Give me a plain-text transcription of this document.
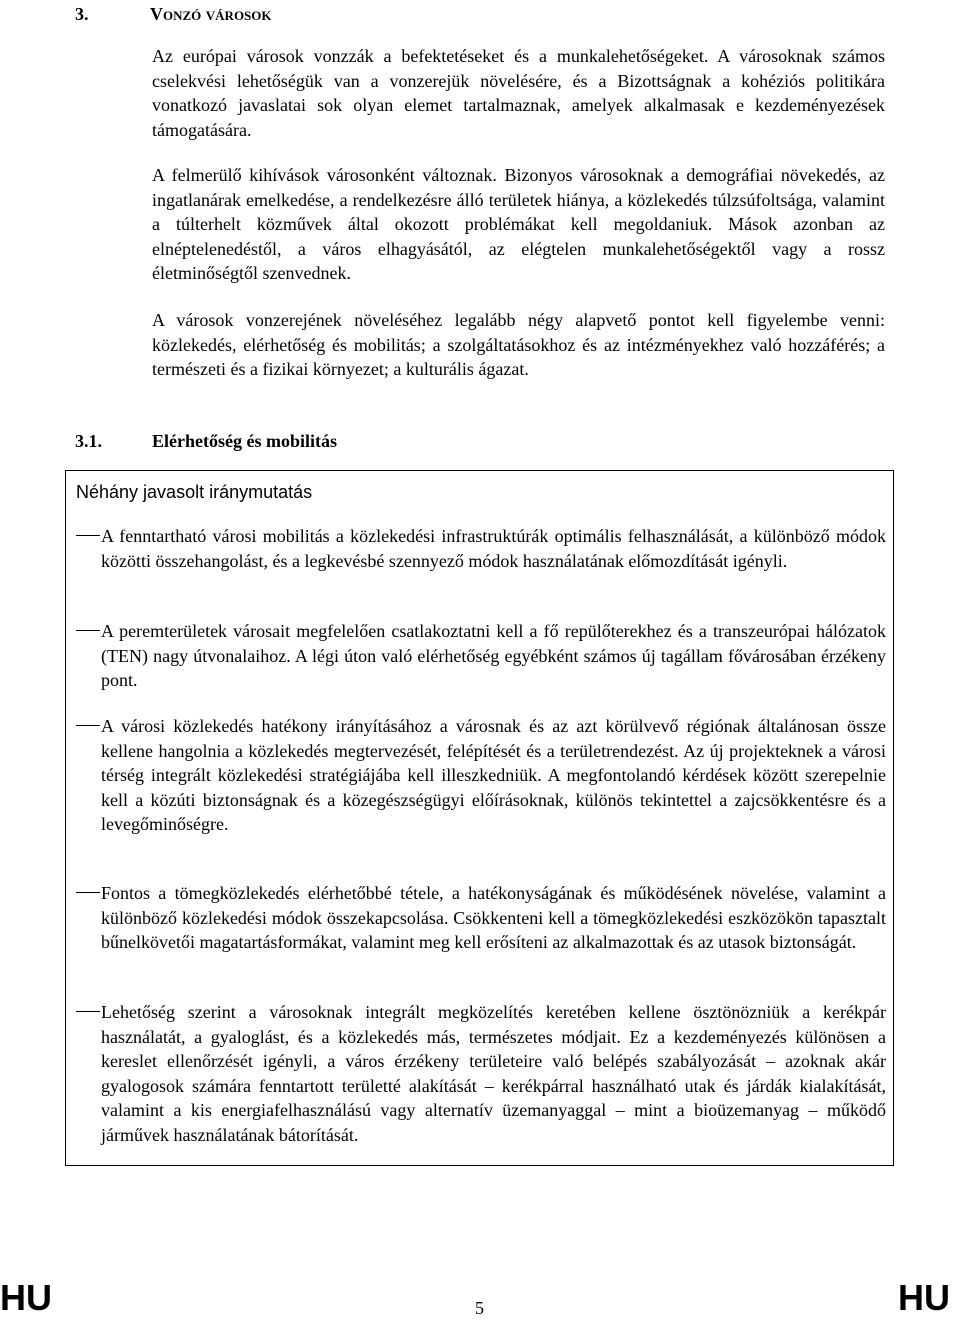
3.	Vonzó városok

Az európai városok vonzzák a befektetéseket és a munkalehetőségeket. A városoknak számos cselekvési lehetőségük van a vonzerejük növelésére, és a Bizottságnak a kohéziós politikára vonatkozó javaslatai sok olyan elemet tartalmaznak, amelyek alkalmasak e kezdeményezések támogatására.

A felmerülő kihívások városonként változnak. Bizonyos városoknak a demográfiai növekedés, az ingatlanárak emelkedése, a rendelkezésre álló területek hiánya, a közlekedés túlzsúfoltsága, valamint a túlterhelt közművek által okozott problémákat kell megoldaniuk. Mások azonban az elnéptelenedéstől, a város elhagyásától, az elégtelen munkalehetőségektől vagy a rossz életminőségtől szenvednek.

A városok vonzerejének növeléséhez legalább négy alapvető pontot kell figyelembe venni: közlekedés, elérhetőség és mobilitás; a szolgáltatásokhoz és az intézményekhez való hozzáférés; a természeti és a fizikai környezet; a kulturális ágazat.

3.1.	Elérhetőség és mobilitás
Néhány javasolt iránymutatás

A fenntartható városi mobilitás a közlekedési infrastruktúrák optimális felhasználását, a különböző módok közötti összehangolást, és a legkevésbé szennyező módok használatának előmozdítását igényli.

A peremterületek városait megfelelően csatlakoztatni kell a fő repülőterekhez és a transzeurópai hálózatok (TEN) nagy útvonalaihoz. A légi úton való elérhetőség egyébként számos új tagállam fővárosában érzékeny pont.

A városi közlekedés hatékony irányításához a városnak és az azt körülvevő régiónak általánosan össze kellene hangolnia a közlekedés megtervezését, felépítését és a területrendezést. Az új projekteknek a városi térség integrált közlekedési stratégiájába kell illeszkedniük. A megfontolandó kérdések között szerepelnie kell a közúti biztonságnak és a közegészségügyi előírásoknak, különös tekintettel a zajcsökkentésre és a levegőminőségre.

Fontos a tömegközlekedés elérhetőbbé tétele, a hatékonyságának és működésének növelése, valamint a különböző közlekedési módok összekapcsolása. Csökkenteni kell a tömegközlekedési eszközökön tapasztalt bűnelkövetői magatartásformákat, valamint meg kell erősíteni az alkalmazottak és az utasok biztonságát.

Lehetőség szerint a városoknak integrált megközelítés keretében kellene ösztönözniük a kerékpár használatát, a gyaloglást, és a közlekedés más, természetes módjait. Ez a kezdeményezés különösen a kereslet ellenőrzését igényli, a város érzékeny területeire való belépés szabályozását – azoknak akár gyalogosok számára fenntartott területté alakítását – kerékpárral használható utak és járdák kialakítását, valamint a kis energiafelhasználású vagy alternatív üzemanyaggal – mint a bioüzemanyag – működő járművek használatának bátorítását.

HU	5	HU
